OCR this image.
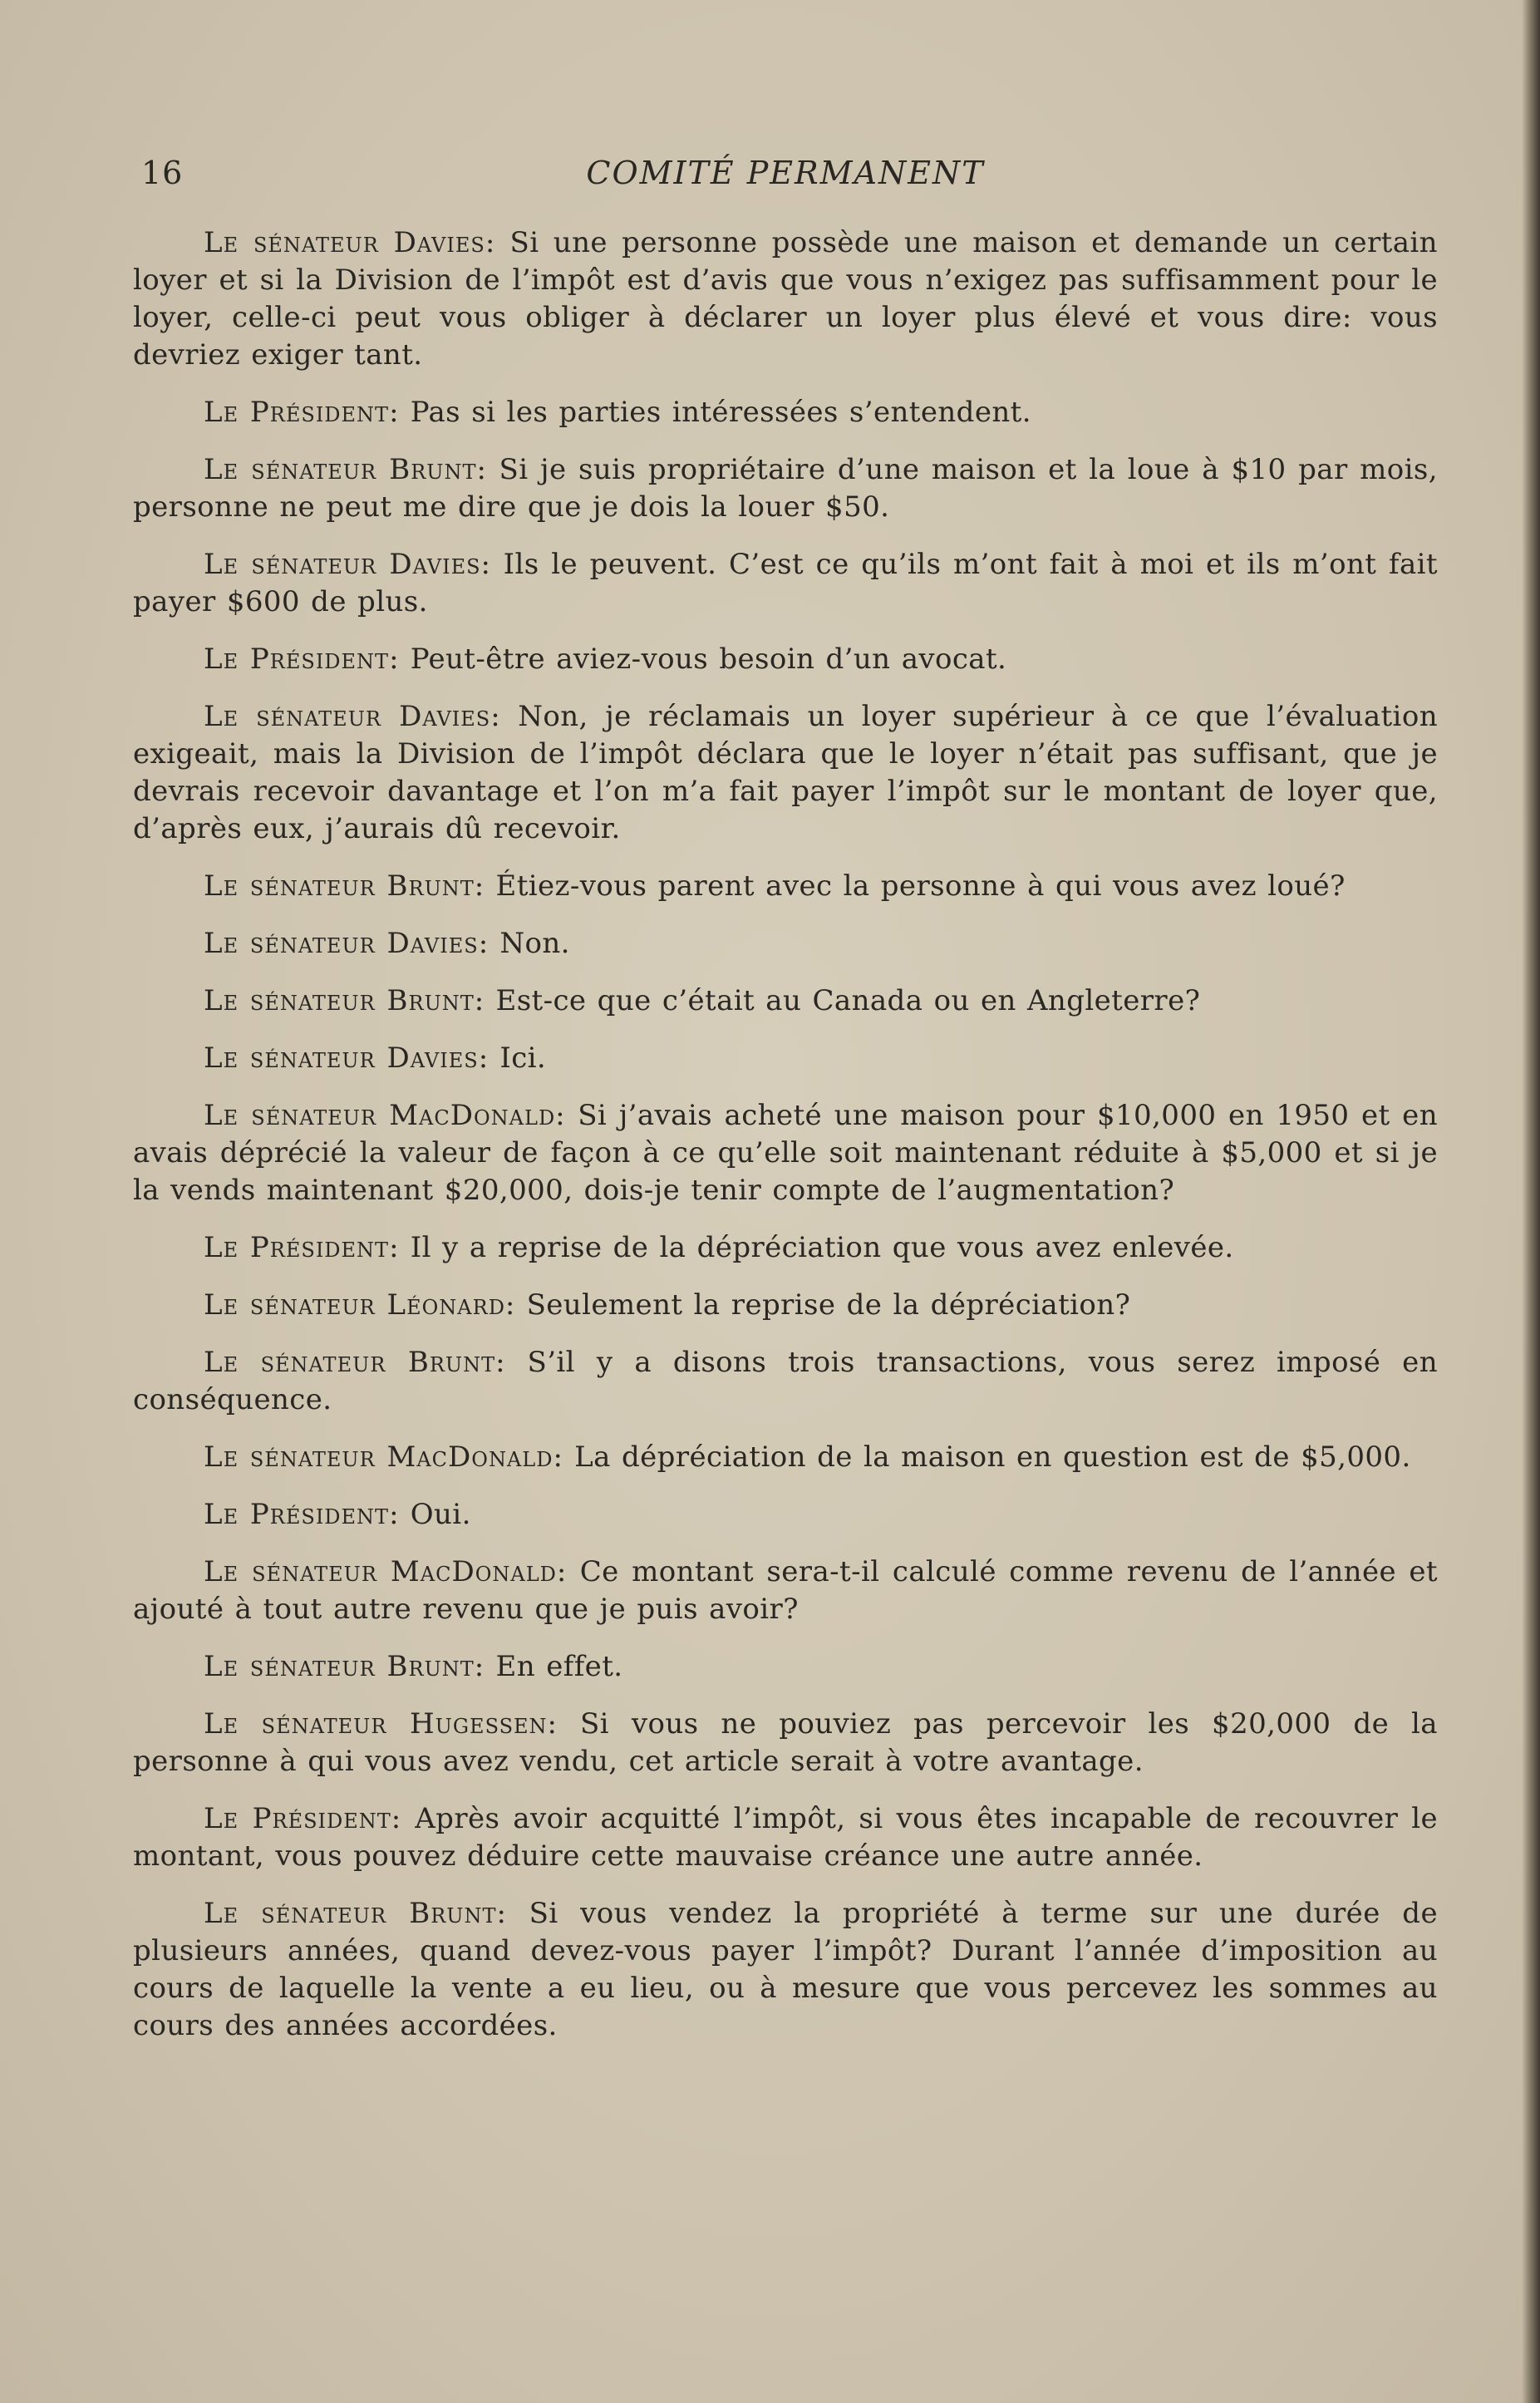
16	COMITÉ PERMANENT

Le sénateur Davies: Si une personne possède une maison et demande un certain loyer et si la Division de l’impôt est d’avis que vous n’exigez pas suffisamment pour le loyer, celle-ci peut vous obliger à déclarer un loyer plus élevé et vous dire: vous devriez exiger tant.

Le Président: Pas si les parties intéressées s’entendent.

Le sénateur Brunt: Si je suis propriétaire d’une maison et la loue à $10 par mois, personne ne peut me dire que je dois la louer $50.

Le sénateur Davies: Ils le peuvent. C’est ce qu’ils m’ont fait à moi et ils m’ont fait payer $600 de plus.

Le Président: Peut-être aviez-vous besoin d’un avocat.

Le sénateur Davies: Non, je réclamais un loyer supérieur à ce que l’évaluation exigeait, mais la Division de l’impôt déclara que le loyer n’était pas suffisant, que je devrais recevoir davantage et l’on m’a fait payer l’impôt sur le montant de loyer que, d’après eux, j’aurais dû recevoir.

Le sénateur Brunt: Étiez-vous parent avec la personne à qui vous avez loué?

Le sénateur Davies: Non.

Le sénateur Brunt: Est-ce que c’était au Canada ou en Angleterre?

Le sénateur Davies: Ici.

Le sénateur MacDonald: Si j’avais acheté une maison pour $10,000 en 1950 et en avais déprécié la valeur de façon à ce qu’elle soit maintenant réduite à $5,000 et si je la vends maintenant $20,000, dois-je tenir compte de l’augmentation?

Le Président: Il y a reprise de la dépréciation que vous avez enlevée.

Le sénateur Léonard: Seulement la reprise de la dépréciation?

Le sénateur Brunt: S’il y a disons trois transactions, vous serez imposé en conséquence.

Le sénateur MacDonald: La dépréciation de la maison en question est de $5,000.

Le Président: Oui.

Le sénateur MacDonald: Ce montant sera-t-il calculé comme revenu de l’année et ajouté à tout autre revenu que je puis avoir?

Le sénateur Brunt: En effet.

Le sénateur Hugessen: Si vous ne pouviez pas percevoir les $20,000 de la personne à qui vous avez vendu, cet article serait à votre avantage.

Le Président: Après avoir acquitté l’impôt, si vous êtes incapable de recouvrer le montant, vous pouvez déduire cette mauvaise créance une autre année.

Le sénateur Brunt: Si vous vendez la propriété à terme sur une durée de plusieurs années, quand devez-vous payer l’impôt? Durant l’année d’imposition au cours de laquelle la vente a eu lieu, ou à mesure que vous percevez les sommes au cours des années accordées.
